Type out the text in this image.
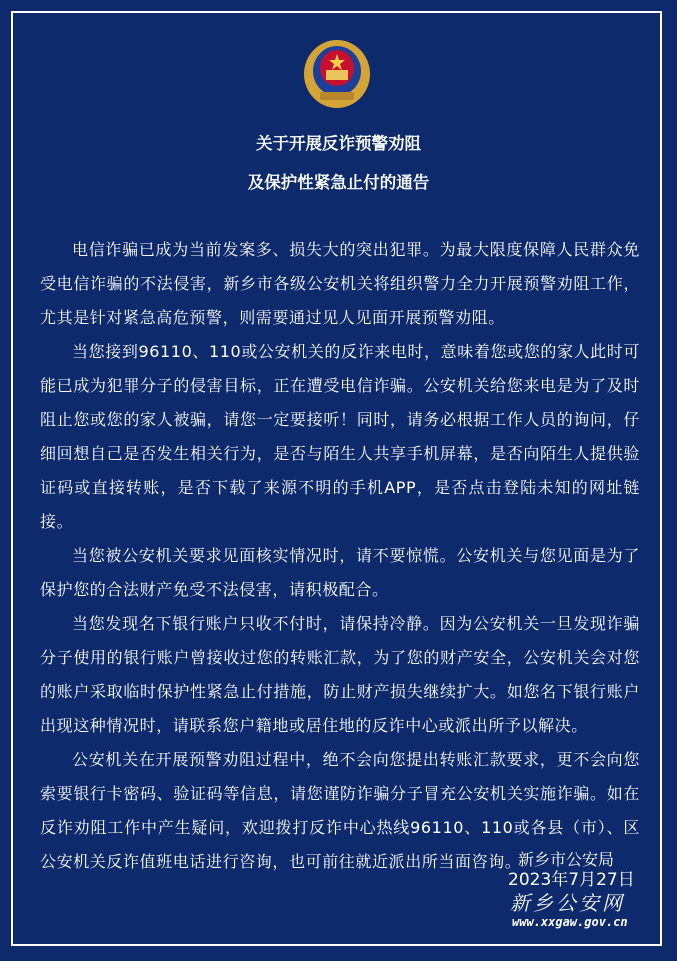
关于开展反诈预警劝阻
及保护性紧急止付的通告

电信诈骗已成为当前发案多、损失大的突出犯罪。为最大限度保障人民群众免受电信诈骗的不法侵害，新乡市各级公安机关将组织警力全力开展预警劝阻工作，尤其是针对紧急高危预警，则需要通过见人见面开展预警劝阻。

当您接到96110、110或公安机关的反诈来电时，意味着您或您的家人此时可能已成为犯罪分子的侵害目标，正在遭受电信诈骗。公安机关给您来电是为了及时阻止您或您的家人被骗，请您一定要接听！同时，请务必根据工作人员的询问，仔细回想自己是否发生相关行为，是否与陌生人共享手机屏幕，是否向陌生人提供验证码或直接转账，是否下载了来源不明的手机APP，是否点击登陆未知的网址链接。

当您被公安机关要求见面核实情况时，请不要惊慌。公安机关与您见面是为了保护您的合法财产免受不法侵害，请积极配合。

当您发现名下银行账户只收不付时，请保持冷静。因为公安机关一旦发现诈骗分子使用的银行账户曾接收过您的转账汇款，为了您的财产安全，公安机关会对您的账户采取临时保护性紧急止付措施，防止财产损失继续扩大。如您名下银行账户出现这种情况时，请联系您户籍地或居住地的反诈中心或派出所予以解决。

公安机关在开展预警劝阻过程中，绝不会向您提出转账汇款要求，更不会向您索要银行卡密码、验证码等信息，请您谨防诈骗分子冒充公安机关实施诈骗。如在反诈劝阻工作中产生疑问，欢迎拨打反诈中心热线96110、110或各县（市）、区公安机关反诈值班电话进行咨询，也可前往就近派出所当面咨询。

新乡市公安局
2023年7月27日
新乡公安网
www.xxgaw.gov.cn
